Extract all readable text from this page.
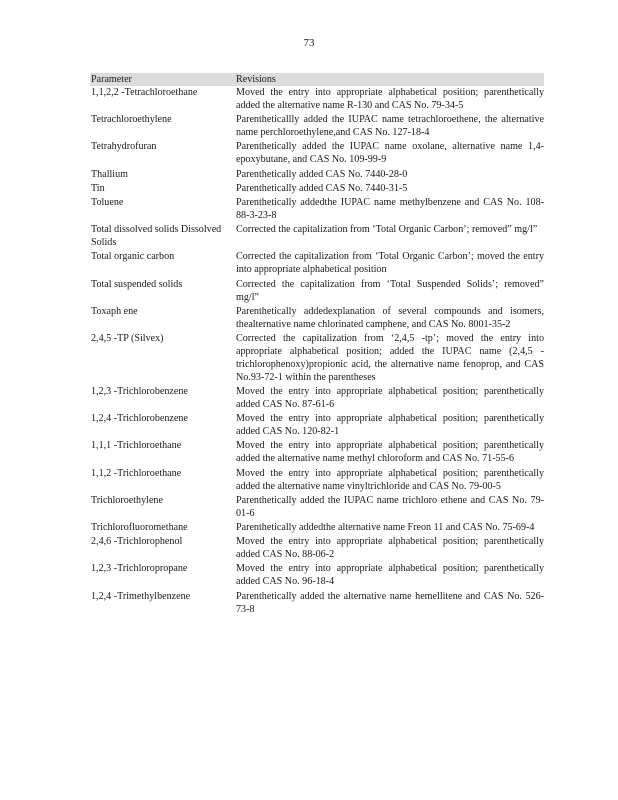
73
Parameter	Revisions
1,1,2,2 -Tetrachloroethane	Moved the entry into appropriate alphabetical position; parenthetically added the alternative name R-130 and CAS No. 79-34-5
Tetrachloroethylene	Parentheticallly added the IUPAC name tetrachloroethene, the alternative name perchloroethylene,and CAS No. 127-18-4
Tetrahydrofuran	Parenthetically added the IUPAC name oxolane, alternative name 1,4-epoxybutane, and CAS No. 109-99-9
Thallium	Parenthetically added CAS No. 7440-28-0
Tin	Parenthetically added CAS No. 7440-31-5
Toluene	Parenthetically addedthe IUPAC name methylbenzene and CAS No. 108-88-3-23-8
Total dissolved solids Dissolved Solids	Corrected the capitalization from ‘Total Organic Carbon’; removed” mg/l”
Total organic carbon	Corrected the capitalization from ‘Total Organic Carbon’; moved the entry into appropriate alphabetical position
Total suspended solids	Corrected the capitalization from ‘Total Suspended Solids’; removed” mg/l”
Toxaph ene	Parenthetically addedexplanation of several compounds and isomers, thealternative name chlorinated camphene, and CAS No. 8001-35-2
2,4,5 -TP (Silvex)	Corrected the capitalization from ‘2,4,5 -tp’; moved the entry into appropriate alphabetical position; added the IUPAC name (2,4,5 -trichlorophenoxy)propionic acid, the alternative name fenoprop, and CAS No.93-72-1 within the parentheses
1,2,3 -Trichlorobenzene	Moved the entry into appropriate alphabetical position; parenthetically added CAS No. 87-61-6
1,2,4 -Trichlorobenzene	Moved the entry into appropriate alphabetical position; parenthetically added CAS No. 120-82-1
1,1,1 -Trichloroethane	Moved the entry into appropriate alphabetical position; parenthetically added the alternative name methyl chloroform and CAS No. 71-55-6
1,1,2 -Trichloroethane	Moved the entry into appropriate alphabetical position; parenthetically added the alternative name vinyltrichloride and CAS No. 79-00-5
Trichloroethylene	Parenthetically added the IUPAC name trichloro ethene and CAS No. 79-01-6
Trichlorofluoromethane	Parenthetically addedthe alternative name Freon 11 and CAS No. 75-69-4
2,4,6 -Trichlorophenol	Moved the entry into appropriate alphabetical position; parenthetically added CAS No. 88-06-2
1,2,3 -Trichloropropane	Moved the entry into appropriate alphabetical position; parenthetically added CAS No. 96-18-4
1,2,4 -Trimethylbenzene	Parenthetically added the alternative name hemellitene and CAS No. 526-73-8
